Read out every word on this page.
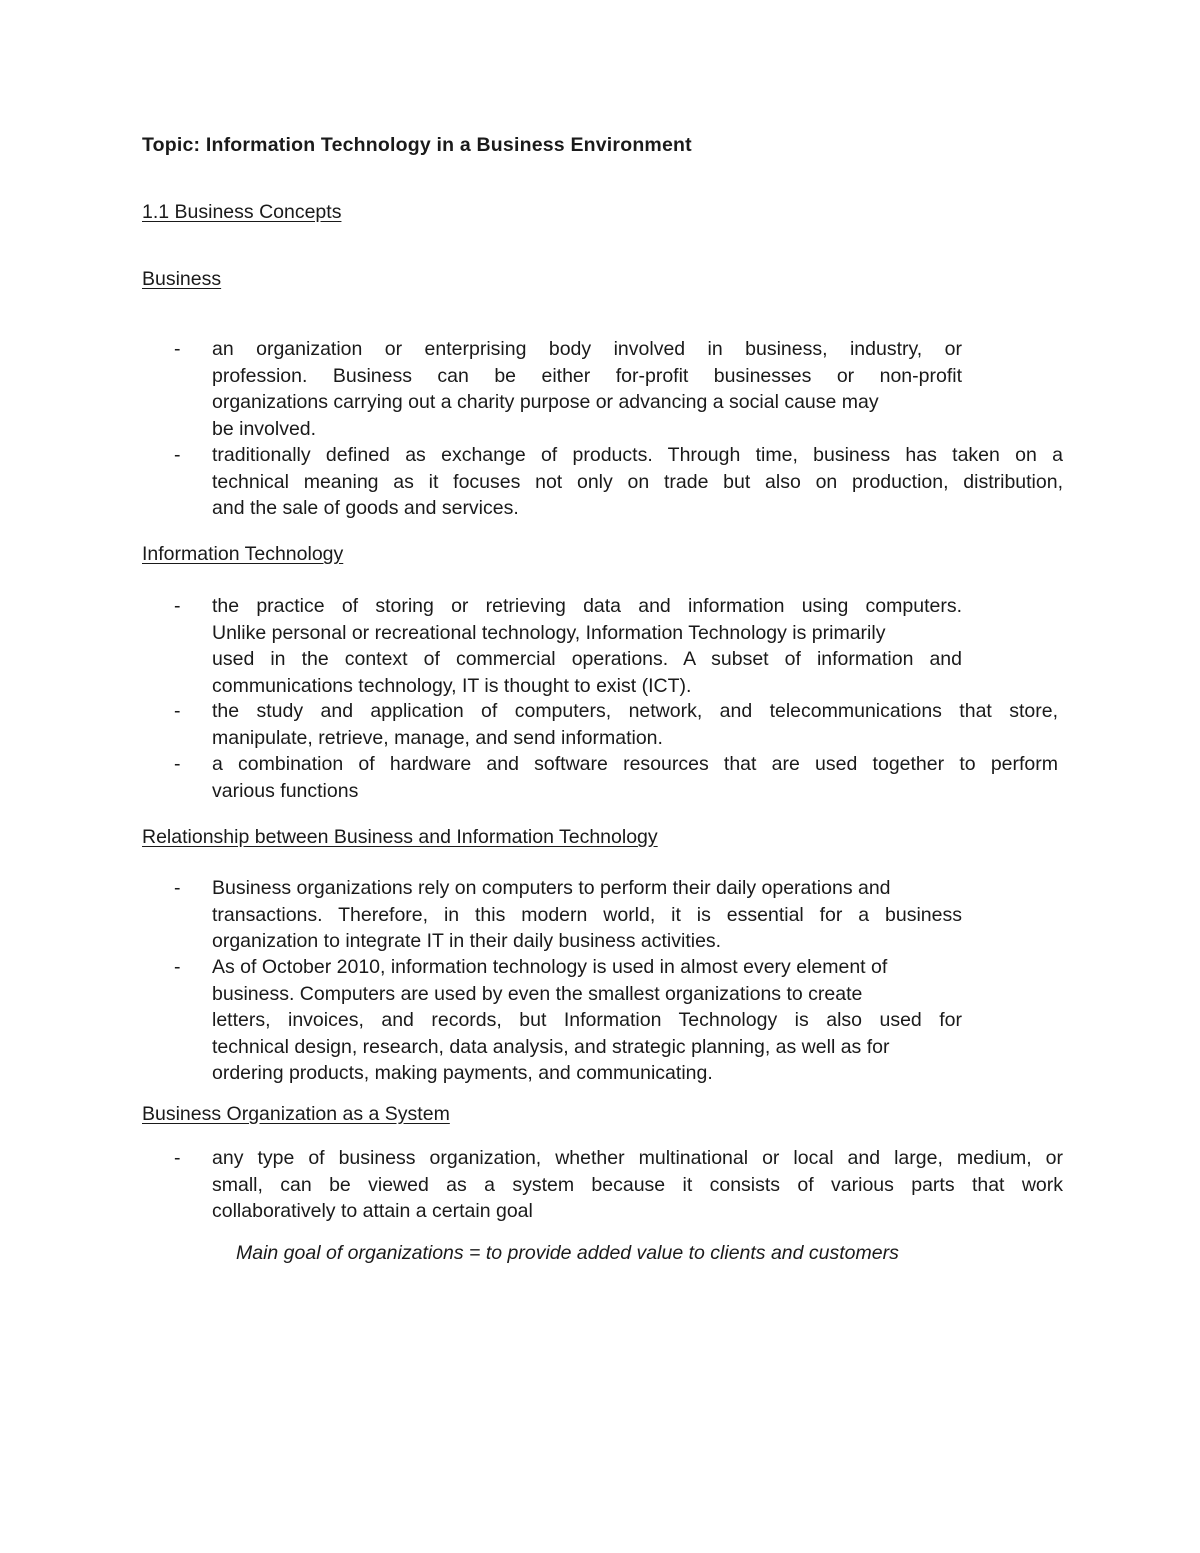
Topic: Information Technology in a Business Environment
1.1 Business Concepts
Business
- an organization or enterprising body involved in business, industry, or
profession. Business can be either for-profit businesses or non-profit
organizations carrying out a charity purpose or advancing a social cause may
be involved.
- traditionally defined as exchange of products. Through time, business has taken on a
technical meaning as it focuses not only on trade but also on production, distribution,
and the sale of goods and services.
Information Technology
- the practice of storing or retrieving data and information using computers.
Unlike personal or recreational technology, Information Technology is primarily
used in the context of commercial operations. A subset of information and
communications technology, IT is thought to exist (ICT).
- the study and application of computers, network, and telecommunications that store,
manipulate, retrieve, manage, and send information.
- a combination of hardware and software resources that are used together to perform
various functions
Relationship between Business and Information Technology
- Business organizations rely on computers to perform their daily operations and
transactions. Therefore, in this modern world, it is essential for a business
organization to integrate IT in their daily business activities.
- As of October 2010, information technology is used in almost every element of
business. Computers are used by even the smallest organizations to create
letters, invoices, and records, but Information Technology is also used for
technical design, research, data analysis, and strategic planning, as well as for
ordering products, making payments, and communicating.
Business Organization as a System
- any type of business organization, whether multinational or local and large, medium, or
small, can be viewed as a system because it consists of various parts that work
collaboratively to attain a certain goal
Main goal of organizations = to provide added value to clients and customers
